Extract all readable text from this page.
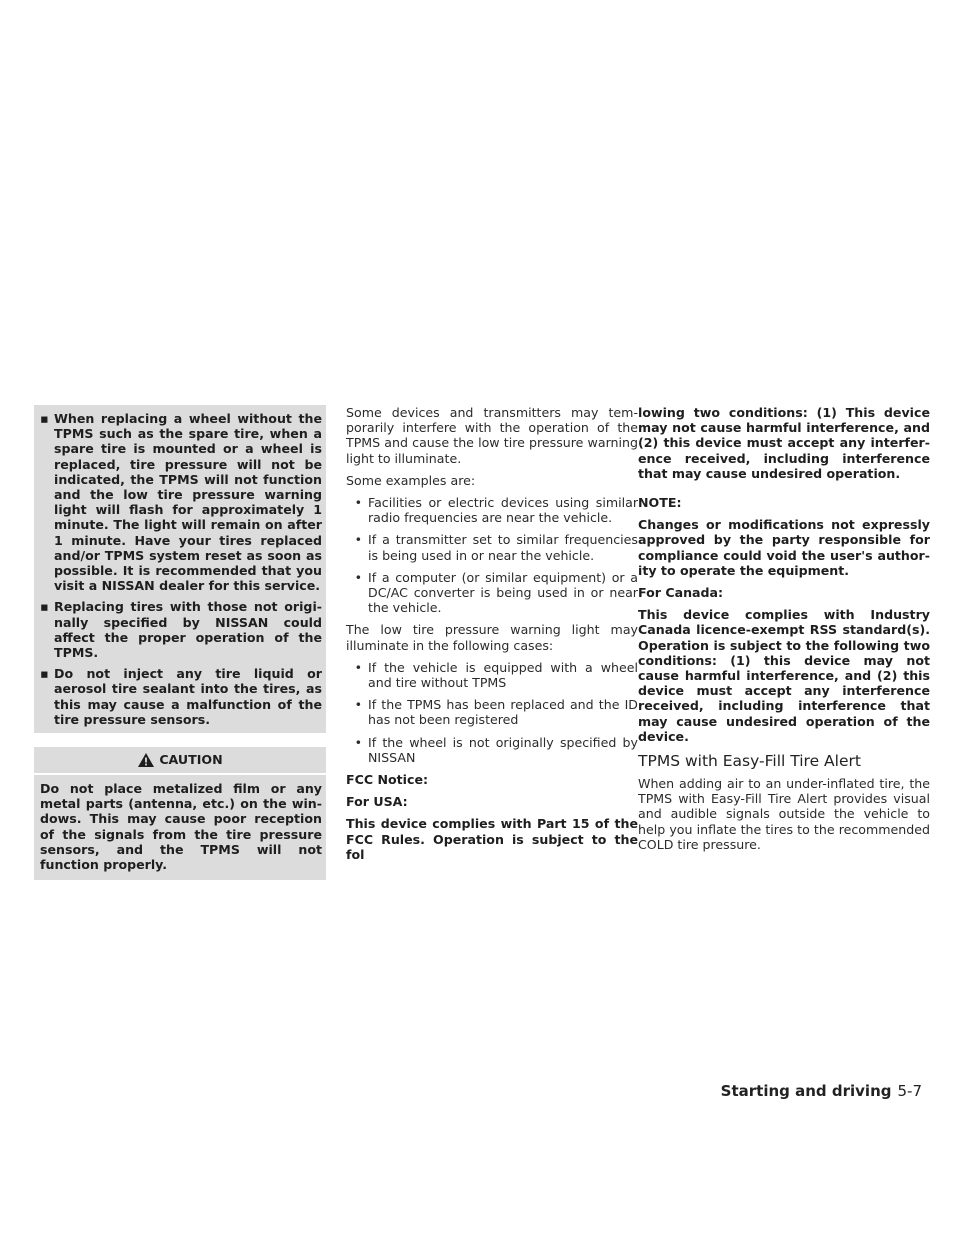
▪ When replacing a wheel without the TPMS such as the spare tire, when a spare tire is mounted or a wheel is replaced, tire pressure will not be indicated, the TPMS will not function and the low tire pressure warning light will flash for approximately 1 minute. The light will remain on after 1 minute. Have your tires replaced and/or TPMS system reset as soon as possible. It is recommended that you visit a NISSAN dealer for this service.
▪ Replacing tires with those not originally specified by NISSAN could affect the proper operation of the TPMS.
▪ Do not inject any tire liquid or aerosol tire sealant into the tires, as this may cause a malfunction of the tire pressure sensors.
CAUTION
Do not place metalized film or any metal parts (antenna, etc.) on the windows. This may cause poor reception of the signals from the tire pressure sensors, and the TPMS will not function properly.

Some devices and transmitters may temporarily interfere with the operation of the TPMS and cause the low tire pressure warning light to illuminate.

Some examples are:

• Facilities or electric devices using similar radio frequencies are near the vehicle.
• If a transmitter set to similar frequencies is being used in or near the vehicle.
• If a computer (or similar equipment) or a DC/AC converter is being used in or near the vehicle.

The low tire pressure warning light may illuminate in the following cases:

• If the vehicle is equipped with a wheel and tire without TPMS
• If the TPMS has been replaced and the ID has not been registered
• If the wheel is not originally specified by NISSAN

FCC Notice:

For USA:

This device complies with Part 15 of the FCC Rules. Operation is subject to the fol

lowing two conditions: (1) This device may not cause harmful interference, and (2) this device must accept any interference received, including interference that may cause undesired operation.

NOTE:

Changes or modifications not expressly approved by the party responsible for compliance could void the user's authority to operate the equipment.

For Canada:

This device complies with Industry Canada licence-exempt RSS standard(s). Operation is subject to the following two conditions: (1) this device may not cause harmful interference, and (2) this device must accept any interference received, including interference that may cause undesired operation of the device.

TPMS with Easy-Fill Tire Alert

When adding air to an under-inflated tire, the TPMS with Easy-Fill Tire Alert provides visual and audible signals outside the vehicle to help you inflate the tires to the recommended COLD tire pressure.

Starting and driving 5-7
